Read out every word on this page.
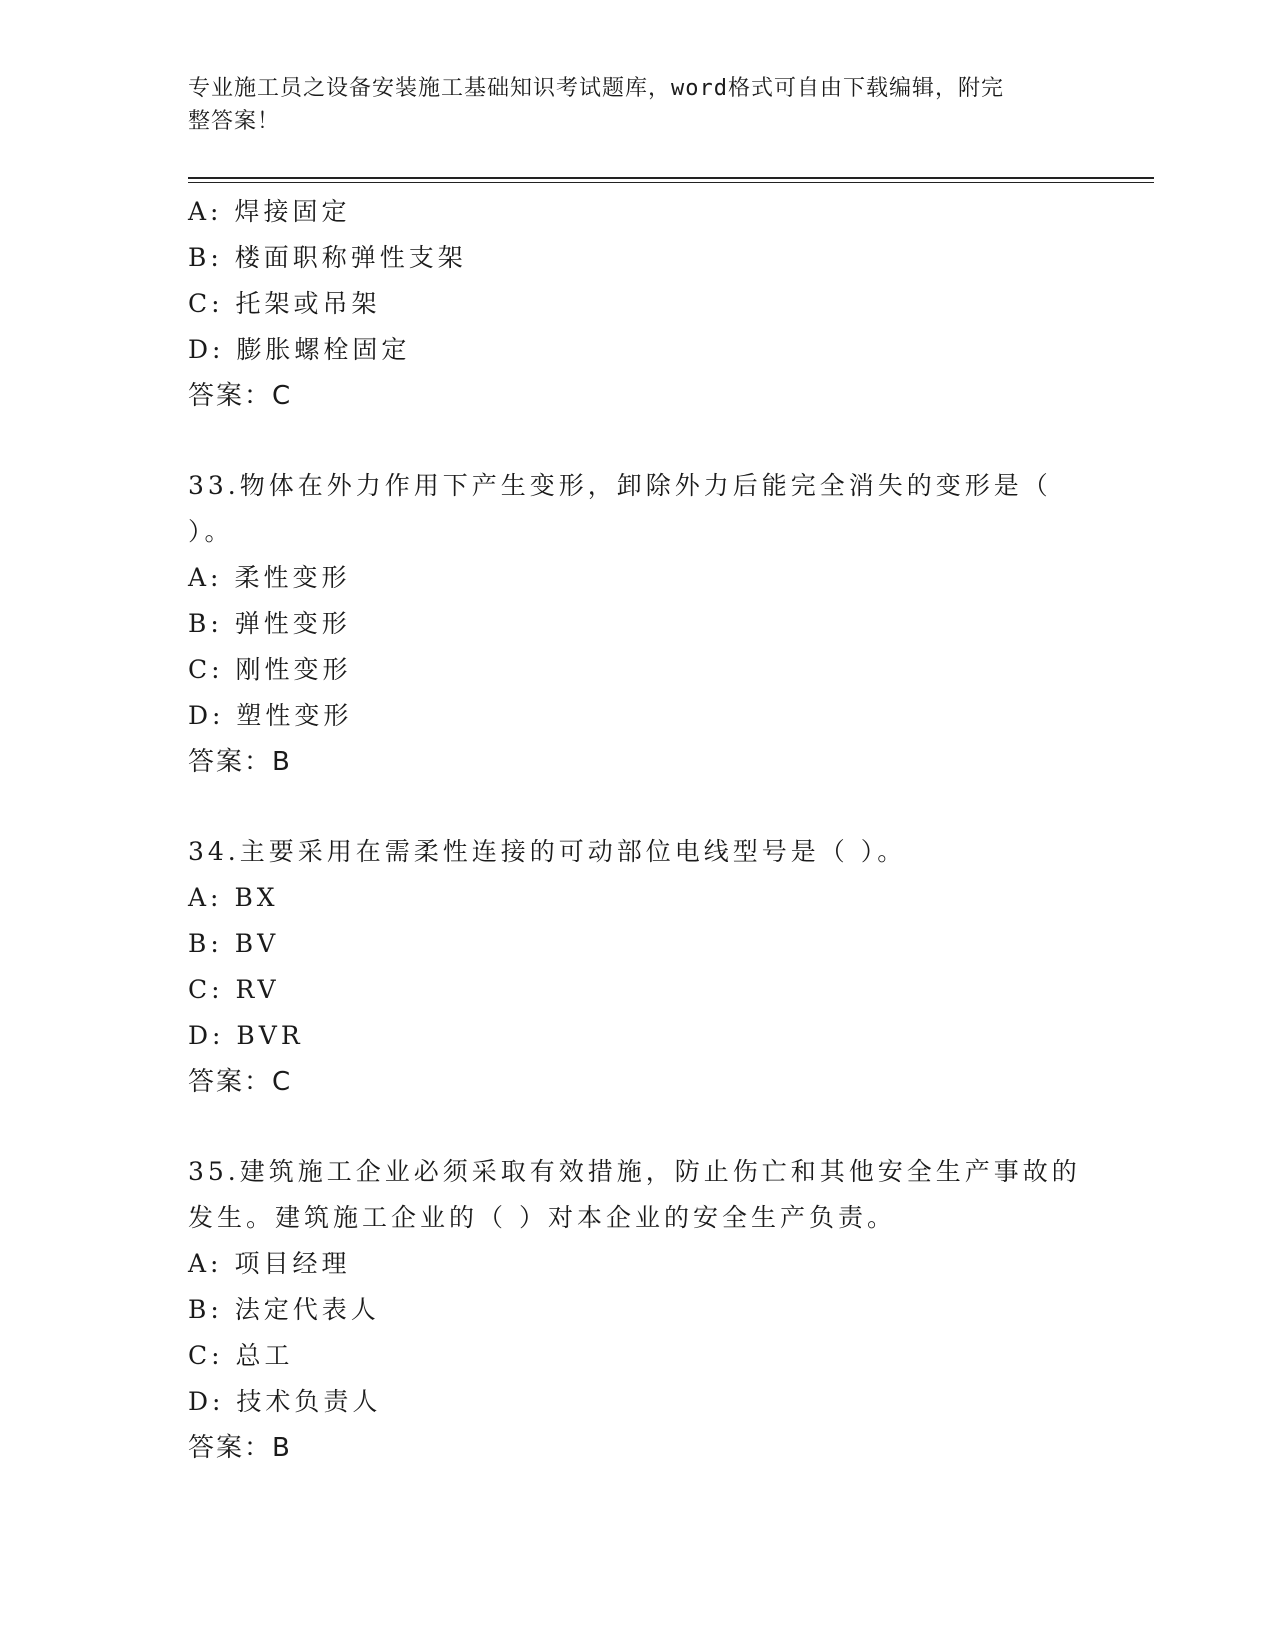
专业施工员之设备安装施工基础知识考试题库，word格式可自由下载编辑，附完
整答案！
A: 焊接固定
B: 楼面职称弹性支架
C: 托架或吊架
D: 膨胀螺栓固定
答案：C
33.物体在外力作用下产生变形，卸除外力后能完全消失的变形是（
）。
A: 柔性变形
B: 弹性变形
C: 刚性变形
D: 塑性变形
答案：B
34.主要采用在需柔性连接的可动部位电线型号是（ ）。
A: BX
B: BV
C: RV
D: BVR
答案：C
35.建筑施工企业必须采取有效措施，防止伤亡和其他安全生产事故的
发生。建筑施工企业的（ ）对本企业的安全生产负责。
A: 项目经理
B: 法定代表人
C: 总工
D: 技术负责人
答案：B
